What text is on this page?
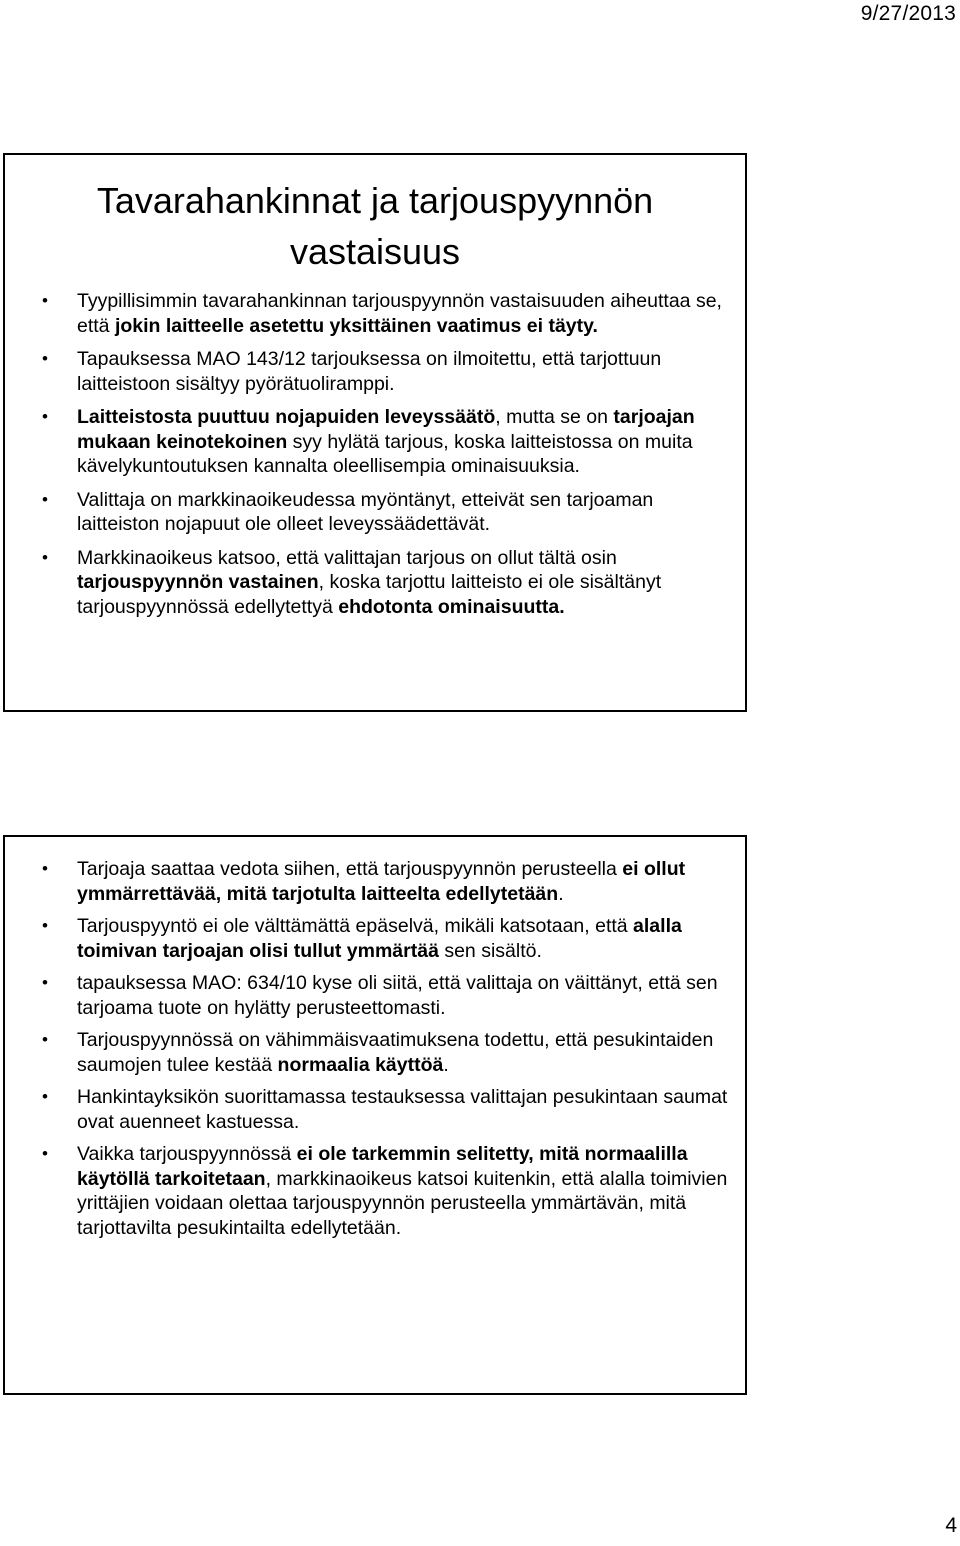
9/27/2013
Tavarahankinnat ja tarjouspyynnön
vastaisuus
• Tyypillisimmin tavarahankinnan tarjouspyynnön vastaisuuden aiheuttaa se, että jokin laitteelle asetettu yksittäinen vaatimus ei täyty.
• Tapauksessa MAO 143/12 tarjouksessa on ilmoitettu, että tarjottuun laitteistoon sisältyy pyörätuoliramppi.
• Laitteistosta puuttuu nojapuiden leveyssäätö, mutta se on tarjoajan mukaan keinotekoinen syy hylätä tarjous, koska laitteistossa on muita kävelykuntoutuksen kannalta oleellisempia ominaisuuksia.
• Valittaja on markkinaoikeudessa myöntänyt, etteivät sen tarjoaman laitteiston nojapuut ole olleet leveyssäädettävät.
• Markkinaoikeus katsoo, että valittajan tarjous on ollut tältä osin tarjouspyynnön vastainen, koska tarjottu laitteisto ei ole sisältänyt tarjouspyynnössä edellytettyä ehdotonta ominaisuutta.
• Tarjoaja saattaa vedota siihen, että tarjouspyynnön perusteella ei ollut ymmärrettävää, mitä tarjotulta laitteelta edellytetään.
• Tarjouspyyntö ei ole välttämättä epäselvä, mikäli katsotaan, että alalla toimivan tarjoajan olisi tullut ymmärtää sen sisältö.
• tapauksessa MAO: 634/10 kyse oli siitä, että valittaja on väittänyt, että sen tarjoama tuote on hylätty perusteettomasti.
• Tarjouspyynnössä on vähimmäisvaatimuksena todettu, että pesukintaiden saumojen tulee kestää normaalia käyttöä.
• Hankintayksikön suorittamassa testauksessa valittajan pesukintaan saumat ovat auenneet kastuessa.
• Vaikka tarjouspyynnössä ei ole tarkemmin selitetty, mitä normaalilla käytöllä tarkoitetaan, markkinaoikeus katsoi kuitenkin, että alalla toimivien yrittäjien voidaan olettaa tarjouspyynnön perusteella ymmärtävän, mitä tarjottavilta pesukintailta edellytetään.
4
